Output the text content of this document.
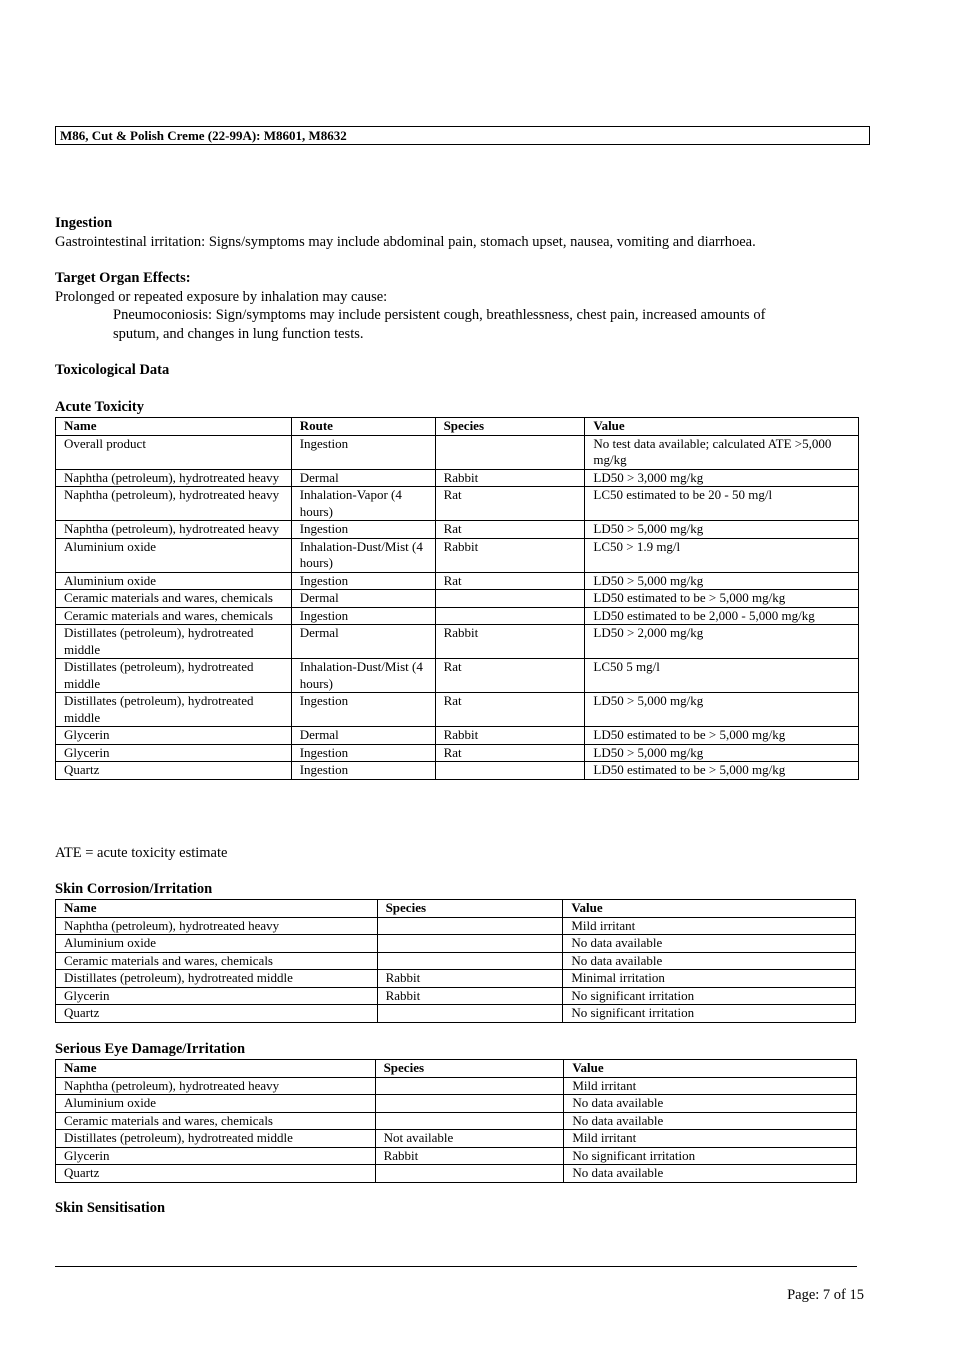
M86, Cut & Polish Creme (22-99A): M8601, M8632
Ingestion
Gastrointestinal irritation: Signs/symptoms may include abdominal pain, stomach upset, nausea, vomiting and diarrhoea.
Target Organ Effects:
Prolonged or repeated exposure by inhalation may cause:
Pneumoconiosis: Sign/symptoms may include persistent cough, breathlessness, chest pain, increased amounts of
sputum, and changes in lung function tests.
Toxicological Data
Acute Toxicity
Name	Route	Species	Value
Overall product	Ingestion		No test data available; calculated ATE >5,000 mg/kg
Naphtha (petroleum), hydrotreated heavy	Dermal	Rabbit	LD50 > 3,000 mg/kg
Naphtha (petroleum), hydrotreated heavy	Inhalation-Vapor (4 hours)	Rat	LC50 estimated to be 20 - 50 mg/l
Naphtha (petroleum), hydrotreated heavy	Ingestion	Rat	LD50 > 5,000 mg/kg
Aluminium oxide	Inhalation-Dust/Mist (4 hours)	Rabbit	LC50 > 1.9 mg/l
Aluminium oxide	Ingestion	Rat	LD50 > 5,000 mg/kg
Ceramic materials and wares, chemicals	Dermal		LD50 estimated to be > 5,000 mg/kg
Ceramic materials and wares, chemicals	Ingestion		LD50 estimated to be 2,000 - 5,000 mg/kg
Distillates (petroleum), hydrotreated middle	Dermal	Rabbit	LD50 > 2,000 mg/kg
Distillates (petroleum), hydrotreated middle	Inhalation-Dust/Mist (4 hours)	Rat	LC50 5 mg/l
Distillates (petroleum), hydrotreated middle	Ingestion	Rat	LD50 > 5,000 mg/kg
Glycerin	Dermal	Rabbit	LD50 estimated to be > 5,000 mg/kg
Glycerin	Ingestion	Rat	LD50 > 5,000 mg/kg
Quartz	Ingestion		LD50 estimated to be > 5,000 mg/kg
ATE = acute toxicity estimate
Skin Corrosion/Irritation
Name	Species	Value
Naphtha (petroleum), hydrotreated heavy		Mild irritant
Aluminium oxide		No data available
Ceramic materials and wares, chemicals		No data available
Distillates (petroleum), hydrotreated middle	Rabbit	Minimal irritation
Glycerin	Rabbit	No significant irritation
Quartz		No significant irritation
Serious Eye Damage/Irritation
Name	Species	Value
Naphtha (petroleum), hydrotreated heavy		Mild irritant
Aluminium oxide		No data available
Ceramic materials and wares, chemicals		No data available
Distillates (petroleum), hydrotreated middle	Not available	Mild irritant
Glycerin	Rabbit	No significant irritation
Quartz		No data available
Skin Sensitisation
Page: 7 of 15
